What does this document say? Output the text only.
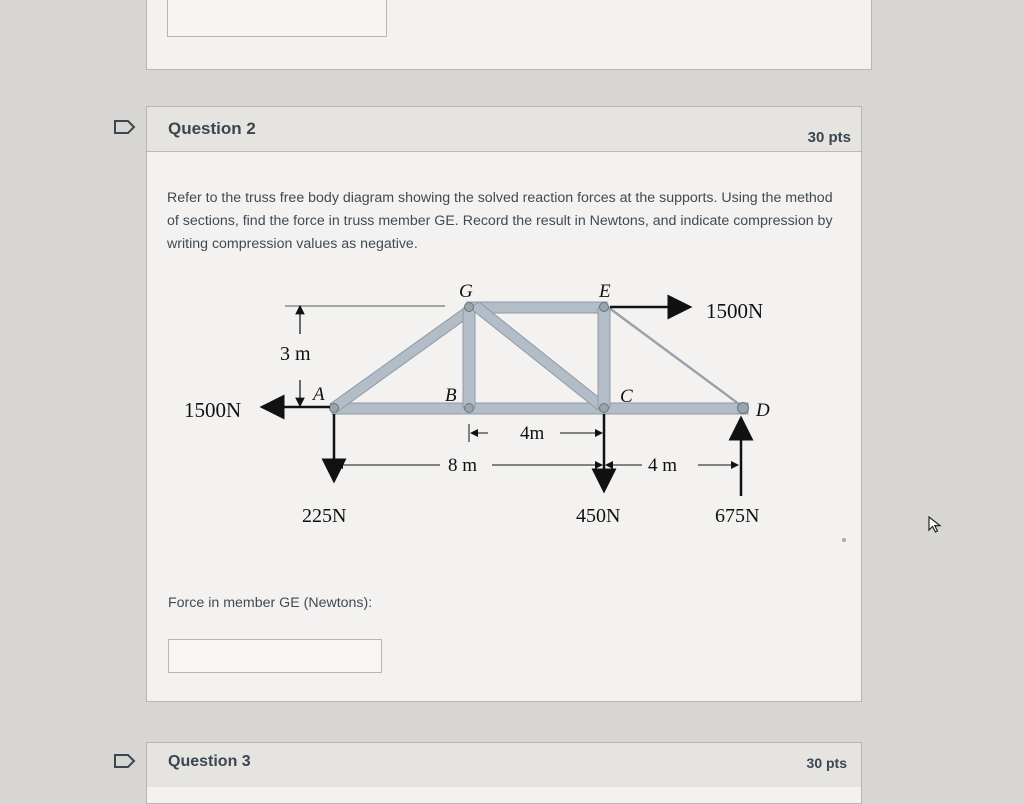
Question 2	30 pts
Refer to the truss free body diagram showing the solved reaction forces at the supports. Using the method of sections, find the force in truss member GE. Record the result in Newtons, and indicate compression by writing compression values as negative.
Force in member GE (Newtons):
G	E
A	B	C
D
3 m
1500N
1500N
225N	450N	675N
4m
8 m	4 m
Question 3	30 pts
